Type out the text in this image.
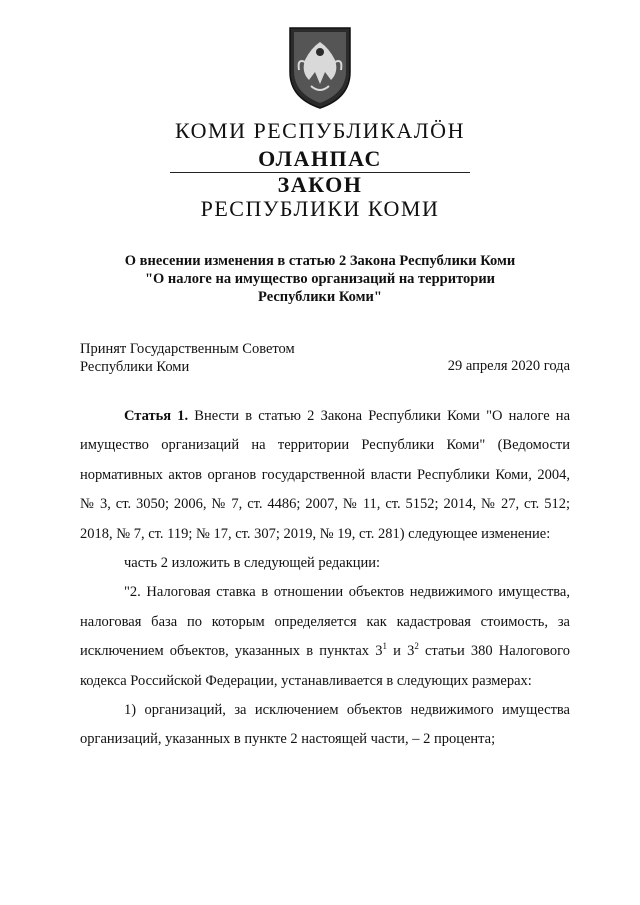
КОМИ РЕСПУБЛИКАЛÖН
ОЛАНПАС
ЗАКОН
РЕСПУБЛИКИ КОМИ
О внесении изменения в статью 2 Закона Республики Коми
"О налоге на имущество организаций на территории
Республики Коми"
Принят Государственным Советом
Республики Коми	29 апреля 2020 года

Статья 1. Внести в статью 2 Закона Республики Коми "О налоге на имущество организаций на территории Республики Коми" (Ведомости нормативных актов органов государственной власти Республики Коми, 2004, № 3, ст. 3050; 2006, № 7, ст. 4486; 2007, № 11, ст. 5152; 2014, № 27, ст. 512; 2018, № 7, ст. 119; № 17, ст. 307; 2019, № 19, ст. 281) следующее изменение:

часть 2 изложить в следующей редакции:

"2. Налоговая ставка в отношении объектов недвижимого имущества, налоговая база по которым определяется как кадастровая стоимость, за исключением объектов, указанных в пунктах $3^1$ и $3^2$ статьи 380 Налогового кодекса Российской Федерации, устанавливается в следующих размерах:

1) организаций, за исключением объектов недвижимого имущества организаций, указанных в пункте 2 настоящей части, – 2 процента;
